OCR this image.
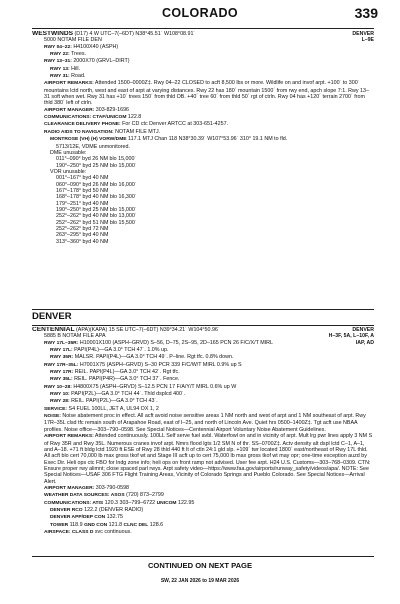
COLORADO	339
DENVER
L–9E
WESTWINDS (D17) 4 W UTC–7(–6DT) N38°45.51´ W108°08.91´
5000 NOTAM FILE DEN
RWY 04–22: H4100X40 (ASPH)
RWY 22: Trees.
RWY 13–31: 2000X70 (GRVL–DIRT)
RWY 13: Hill.
RWY 31: Road.
AIRPORT REMARKS: Attended 1500–0000Z‡. Rwy 04–22 CLOSED to acft 8,500 lbs or more. Wildlife on and invof arpt. +100´ to 300´ mountains lctd north, west and east of arpt at varying distances. Rwy 22 has 180´ mountain 1500´ from rwy end, apch slope 7:1. Rwy 13–31 soft when wet. Rwy 31 has +10´ trees 150´ from thld OB. +40´ tree 60´ from thld 50´ rgt of ctrln. Rwy 04 has +120´ terrain 2700´ from thld 380´ left of ctrln.
AIRPORT MANAGER: 303-829-1696
COMMUNICATIONS: CTAF/UNICOM 122.8
CLEARANCE DELIVERY PHONE: For CD ctc Denver ARTCC at 303-651-4257.
RADIO AIDS TO NAVIGATION: NOTAM FILE MTJ.
MONTROSE (VH) (H) VORW/DME 117.1 MTJ Chan 118 N38°30.39´ W107°53.96´ 310° 19.1 NM to fld.
5713/12E, VDME unmonitored.
DME unusable:
011°–090° byd 26 NM blo 15,000´
190°–250° byd 25 NM blo 15,000´
VOR unusable:
001°–167° byd 40 NM
060°–090° byd 26 NM blo 16,000´
167°–178° byd 50 NM
168°–178° byd 40 NM blo 16,300´
179°–251° byd 40 NM
190°–250° byd 25 NM blo 15,000´
252°–262° byd 40 NM blo 13,000´
252°–262° byd 51 NM blo 15,500´
252°–262° byd 72 NM
263°–295° byd 40 NM
313°–360° byd 40 NM
DENVER
DENVER
H–3F, 5A, L–10F, A
IAP, AD
CENTENNIAL (APA)(KAPA) 15 SE UTC–7(–6DT) N39°34.21´ W104°50.96´
5885 B NOTAM FILE APA
RWY 17L–35R: H10001X100 (ASPH–GRVD) S–56, D–75, 2S–95, 2D–165 PCN 26 F/C/X/T MIRL
RWY 17L: PAPI(P4L)—GA 3.0° TCH 47´. 1.0% up.
RWY 35R: MALSR. PAPI(P4L)—GA 3.0° TCH 49´. P–line. Rgt tfc. 0.8% down.
RWY 17R–35L: H7001X75 (ASPH–GRVD) S–30 PCR 339 F/C/W/T MIRL 0.9% up S
RWY 17R: REIL. PAPI(P4L)—GA 3.0° TCH 42´. Rgt tfc.
RWY 35L: REIL. PAPI(P4R)—GA 3.0° TCH 37´. Fence.
RWY 10–28: H4800X75 (ASPH–GRVD) S–12.5 PCN 17 F/A/Y/T MIRL 0.6% up W
RWY 10: PAPI(P2L)—GA 3.0° TCH 44´. Thld dsplcd 400´.
RWY 28: REIL. PAPI(P2L)—GA 3.0° TCH 43´.
SERVICE: S4 FUEL 100LL, JET A, UL94 OX 1, 2
NOISE: Noise abatement proc in effect. All acft avoid noise sensitive areas 1 NM north and west of arpt and 1 NM southeast of arpt. Rwy 17R–35L clsd tfc remain south of Arapahoe Road, east of I–25, and north of Lincoln Ave. Quiet hrs 0500–1400Z‡. Tgt acft use NBAA profiles. Noise office—303–790–0598. See Special Notices—Centennial Airport Voluntary Noise Abatement Guidelines.
AIRPORT REMARKS: Attended continuously. 100LL Self serve fuel avbl. Waterfowl on and in vicinity of arpt. Mult lrg pwr lines apply 3 NM S of Rwy 35R and Rwy 35L. Numerous cranes invof arpt. Nmrs flood lgts 1/2 SM N of thr. SS–0700Z‡. Actv density alt dspl lctd C–1, A–1, and A–18. +71 ft bldg lctd 1920 ft ESE of Rwy 28 thld 440 ft lt of ctln 24:1 gld slp. +109´ twr located 1800´ east/northeast of Rwy 17L thld. All acft blo cert 70,000 lb max gross tkof wt and Stage III acft up to cert 75,000 lb max gross tkof wt may opr; one-time exception auzd by Exec Dir. Heli ops ctc FBO for lndg zone info; heli ops on front ramp not advised. User fee arpt. H24 U.S. Customs—303–768–0309. CTN: Ensure proper rwy alimnt; close spaced parl rwys. Arpt safety video—https://www.faa.gov/airports/runway_safety/videos/apa/. NOTE: See Special Notices—USAF 306 FTG Flight Training Areas, Vicinity of Colorado Springs and Pueblo Colorado. See Special Notices—Arrival Alert.
AIRPORT MANAGER: 303-790-0598
WEATHER DATA SOURCES: ASOS (720) 873–2799
COMMUNICATIONS: ATIS 120.3 303–799–6722 UNICOM 122.95
DENVER RCO 122.2 (DENVER RADIO)
DENVER APP/DEP CON 132.75
TOWER 118.9 GND CON 121.8 CLNC DEL 128.6
AIRSPACE: CLASS D svc continuous.
CONTINUED ON NEXT PAGE
SW, 22 JAN 2026 to 19 MAR 2026
